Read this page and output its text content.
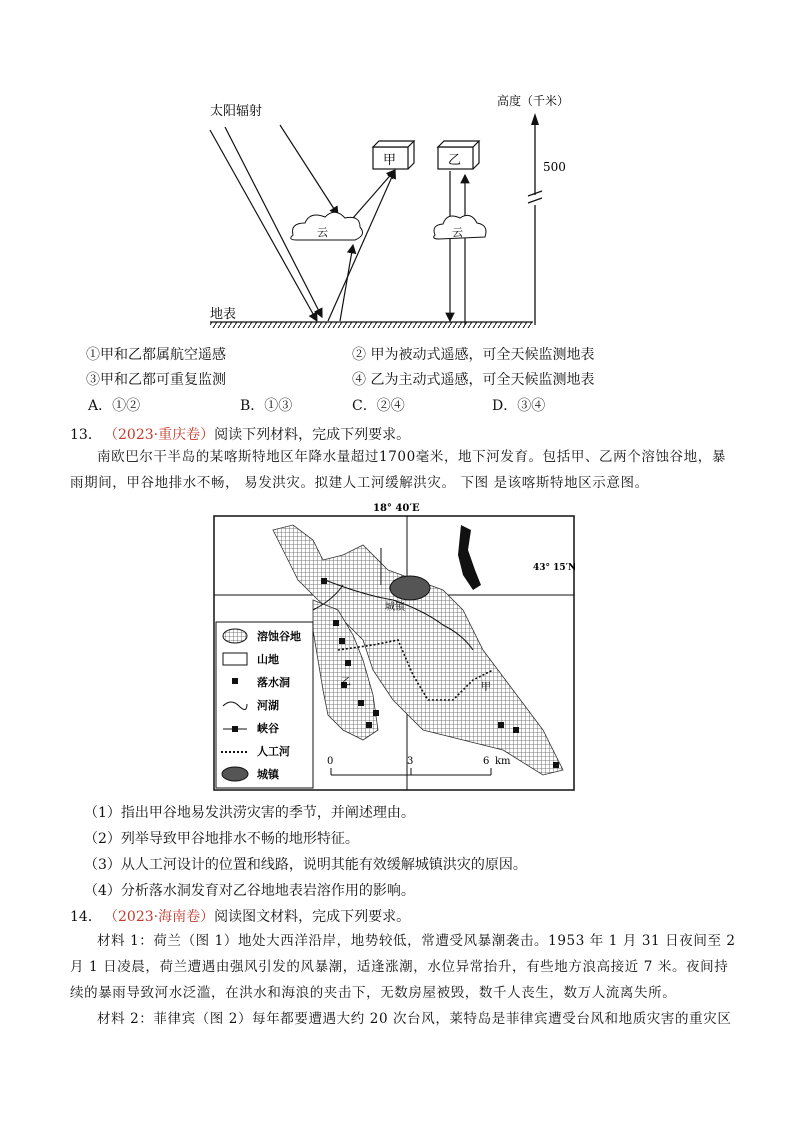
太阳辐射
高度（千米）
500
云
甲	乙
云
地表
①甲和乙都属航空遥感	② 甲为被动式遥感，可全天候监测地表
③甲和乙都可重复监测	④ 乙为主动式遥感，可全天候监测地表
A．①②	B．①③	C．②④	D．③④
13． （2023·重庆卷）阅读下列材料，完成下列要求。
南欧巴尔干半岛的某喀斯特地区年降水量超过1700毫米，地下河发育。包括甲、乙两个溶蚀谷地，暴雨期间，甲谷地排水不畅， 易发洪灾。拟建人工河缓解洪灾。 下图 是该喀斯特地区示意图。
18° 40′E
43° 15′N
城镇
甲
乙
溶蚀谷地
山地
落水洞
河湖
峡谷
人工河
城镇
0	3	6 km
（1）指出甲谷地易发洪涝灾害的季节，并阐述理由。
（2）列举导致甲谷地排水不畅的地形特征。
（3）从人工河设计的位置和线路，说明其能有效缓解城镇洪灾的原因。
（4）分析落水洞发育对乙谷地地表岩溶作用的影响。
14． （2023·海南卷）阅读图文材料，完成下列要求。
材料 1：荷兰（图 1）地处大西洋沿岸，地势较低，常遭受风暴潮袭击。1953 年 1 月 31 日夜间至 2 月 1 日凌晨，荷兰遭遇由强风引发的风暴潮，适逢涨潮，水位异常抬升，有些地方浪高接近 7 米。夜间持续的暴雨导致河水泛滥，在洪水和海浪的夹击下，无数房屋被毁，数千人丧生，数万人流离失所。
材料 2：菲律宾（图 2）每年都要遭遇大约 20 次台风，莱特岛是菲律宾遭受台风和地质灾害的重灾区
